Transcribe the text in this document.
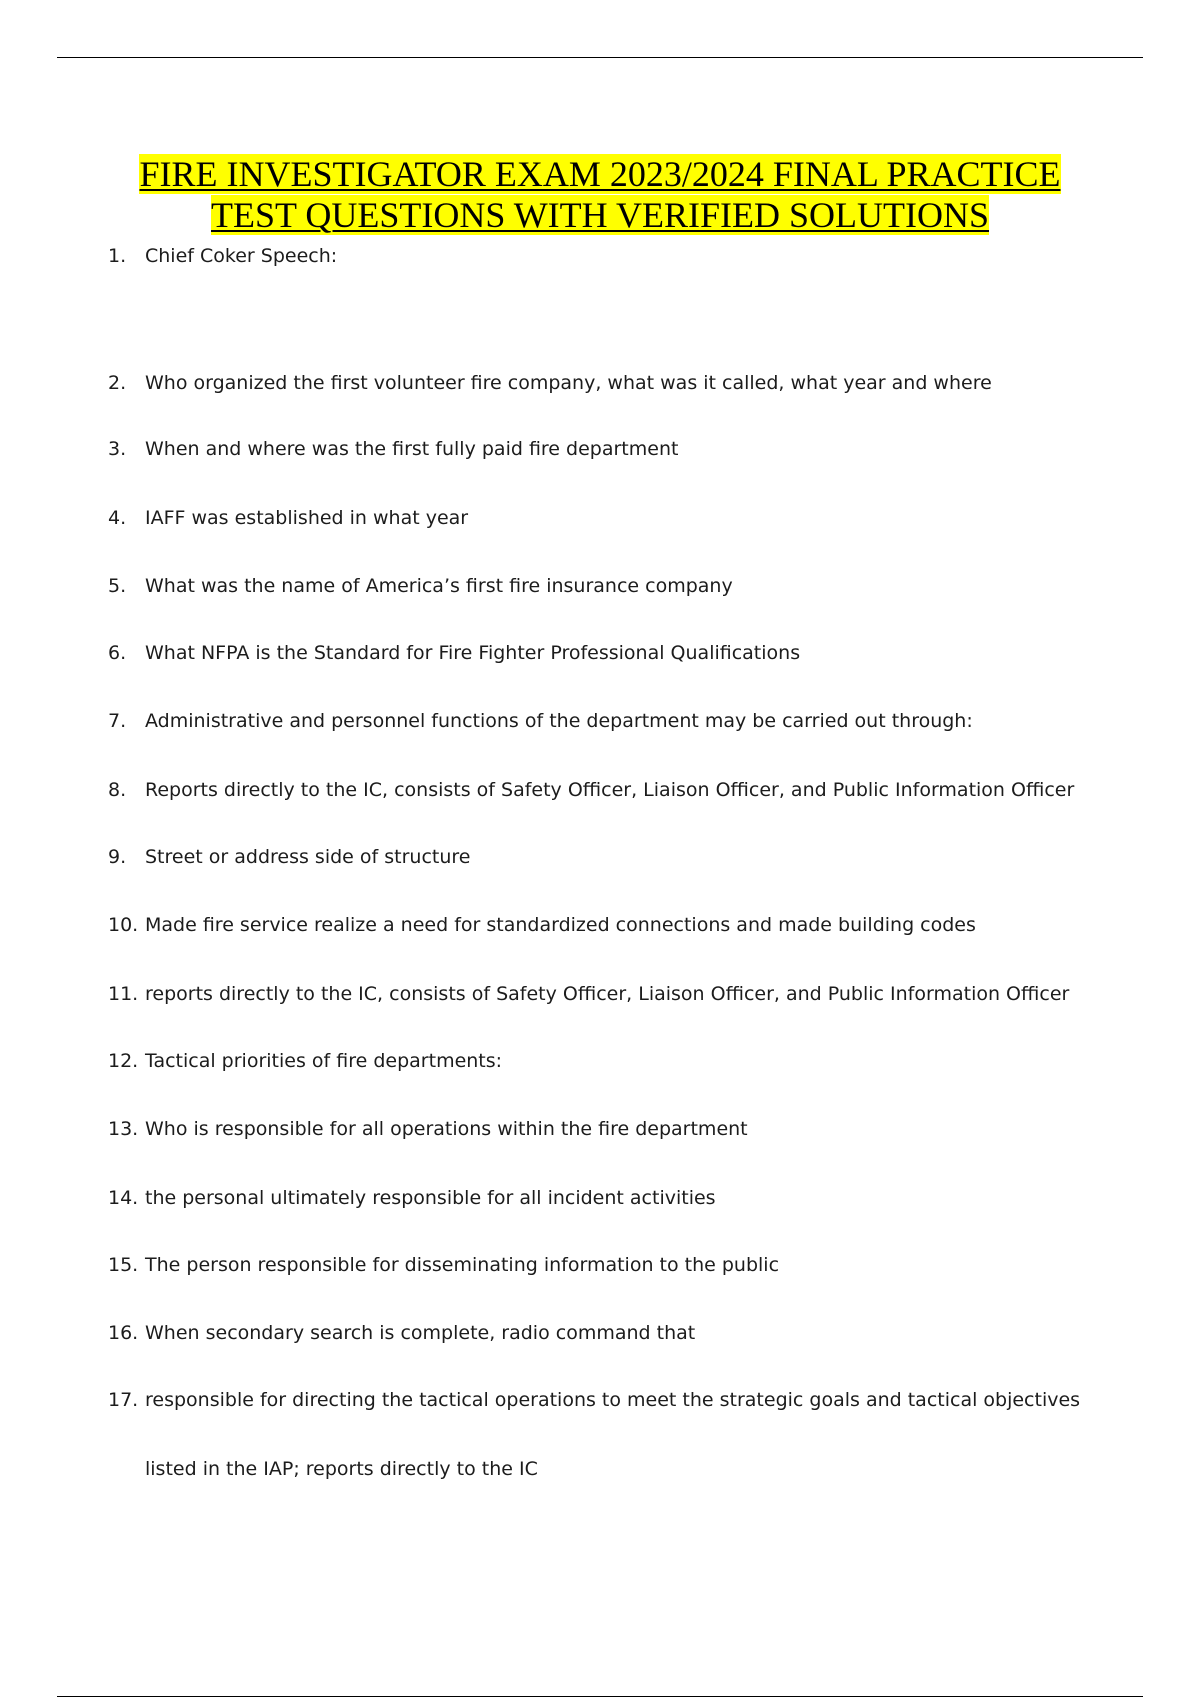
FIRE INVESTIGATOR EXAM 2023/2024 FINAL PRACTICE
TEST QUESTIONS WITH VERIFIED SOLUTIONS
1. Chief Coker Speech:
2. Who organized the first volunteer fire company, what was it called, what year and where
3. When and where was the first fully paid fire department
4. IAFF was established in what year
5. What was the name of America’s first fire insurance company
6. What NFPA is the Standard for Fire Fighter Professional Qualifications
7. Administrative and personnel functions of the department may be carried out through:
8. Reports directly to the IC, consists of Safety Officer, Liaison Officer, and Public Information Officer
9. Street or address side of structure
10. Made fire service realize a need for standardized connections and made building codes
11. reports directly to the IC, consists of Safety Officer, Liaison Officer, and Public Information Officer
12. Tactical priorities of fire departments:
13. Who is responsible for all operations within the fire department
14. the personal ultimately responsible for all incident activities
15. The person responsible for disseminating information to the public
16. When secondary search is complete, radio command that
17. responsible for directing the tactical operations to meet the strategic goals and tactical objectives
listed in the IAP; reports directly to the IC
